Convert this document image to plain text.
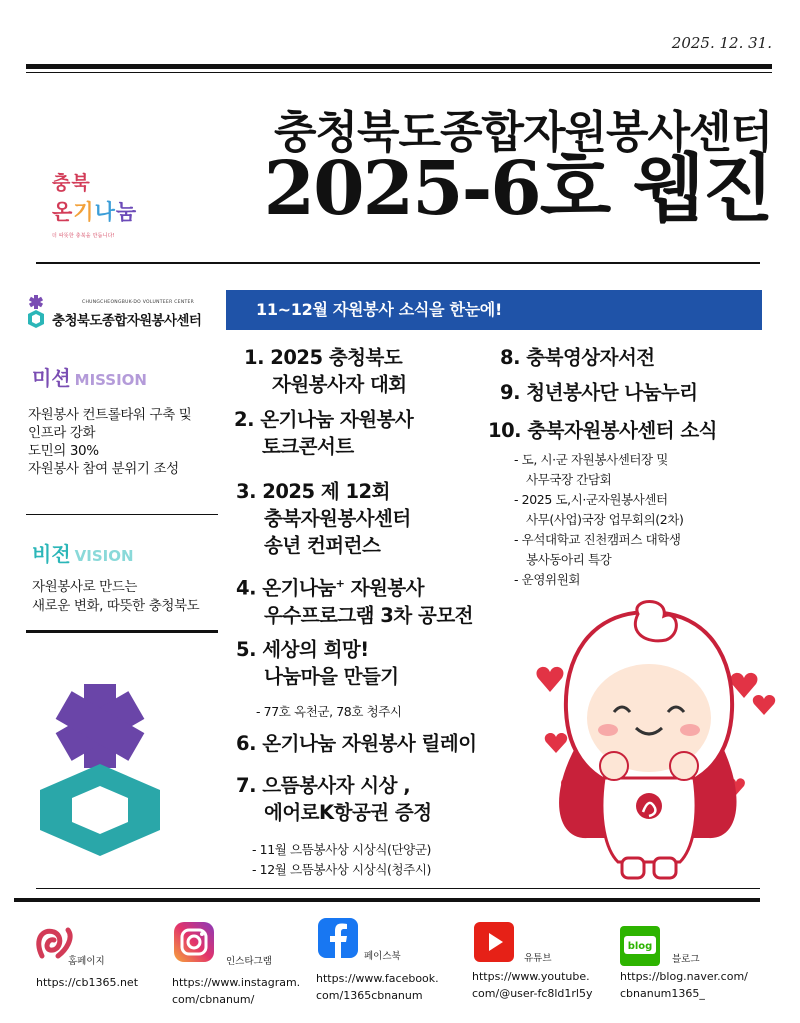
2025. 12. 31.
충북
온기나눔
더 따뜻한 충북을 만듭니다!
충청북도종합자원봉사센터
2025-6호 웹진
CHUNGCHEONGBUK-DO VOLUNTEER CENTER
충청북도종합자원봉사센터
미션 MISSION
자원봉사 컨트롤타워 구축 및
인프라 강화
도민의 30%
자원봉사 참여 분위기 조성
비전 VISION
자원봉사로 만드는
새로운 변화, 따뜻한 충청북도
11~12월 자원봉사 소식을 한눈에!
1. 2025 충청북도
자원봉사자 대회
2. 온기나눔 자원봉사
토크콘서트
3. 2025 제 12회
충북자원봉사센터
송년 컨퍼런스
4. 온기나눔+ 자원봉사
우수프로그램 3차 공모전
5. 세상의 희망!
나눔마을 만들기
- 77호 옥천군, 78호 청주시
6. 온기나눔 자원봉사 릴레이
7. 으뜸봉사자 시상 ,
에어로K항공권 증정
- 11월 으뜸봉사상 시상식(단양군)
- 12월 으뜸봉사상 시상식(청주시)
8. 충북영상자서전
9. 청년봉사단 나눔누리
10. 충북자원봉사센터 소식
- 도, 시·군 자원봉사센터장 및
사무국장 간담회
- 2025 도,시·군자원봉사센터
사무(사업)국장 업무회의(2차)
- 우석대학교 진천캠퍼스 대학생
봉사동아리 특강
- 운영위원회
홈페이지
https://cb1365.net
인스타그램
https://www.instagram.
com/cbnanum/
페이스북
https://www.facebook.
com/1365cbnanum
유튜브
https://www.youtube.
com/@user-fc8ld1rl5y
blog
블로그
https://blog.naver.com/
cbnanum1365_
